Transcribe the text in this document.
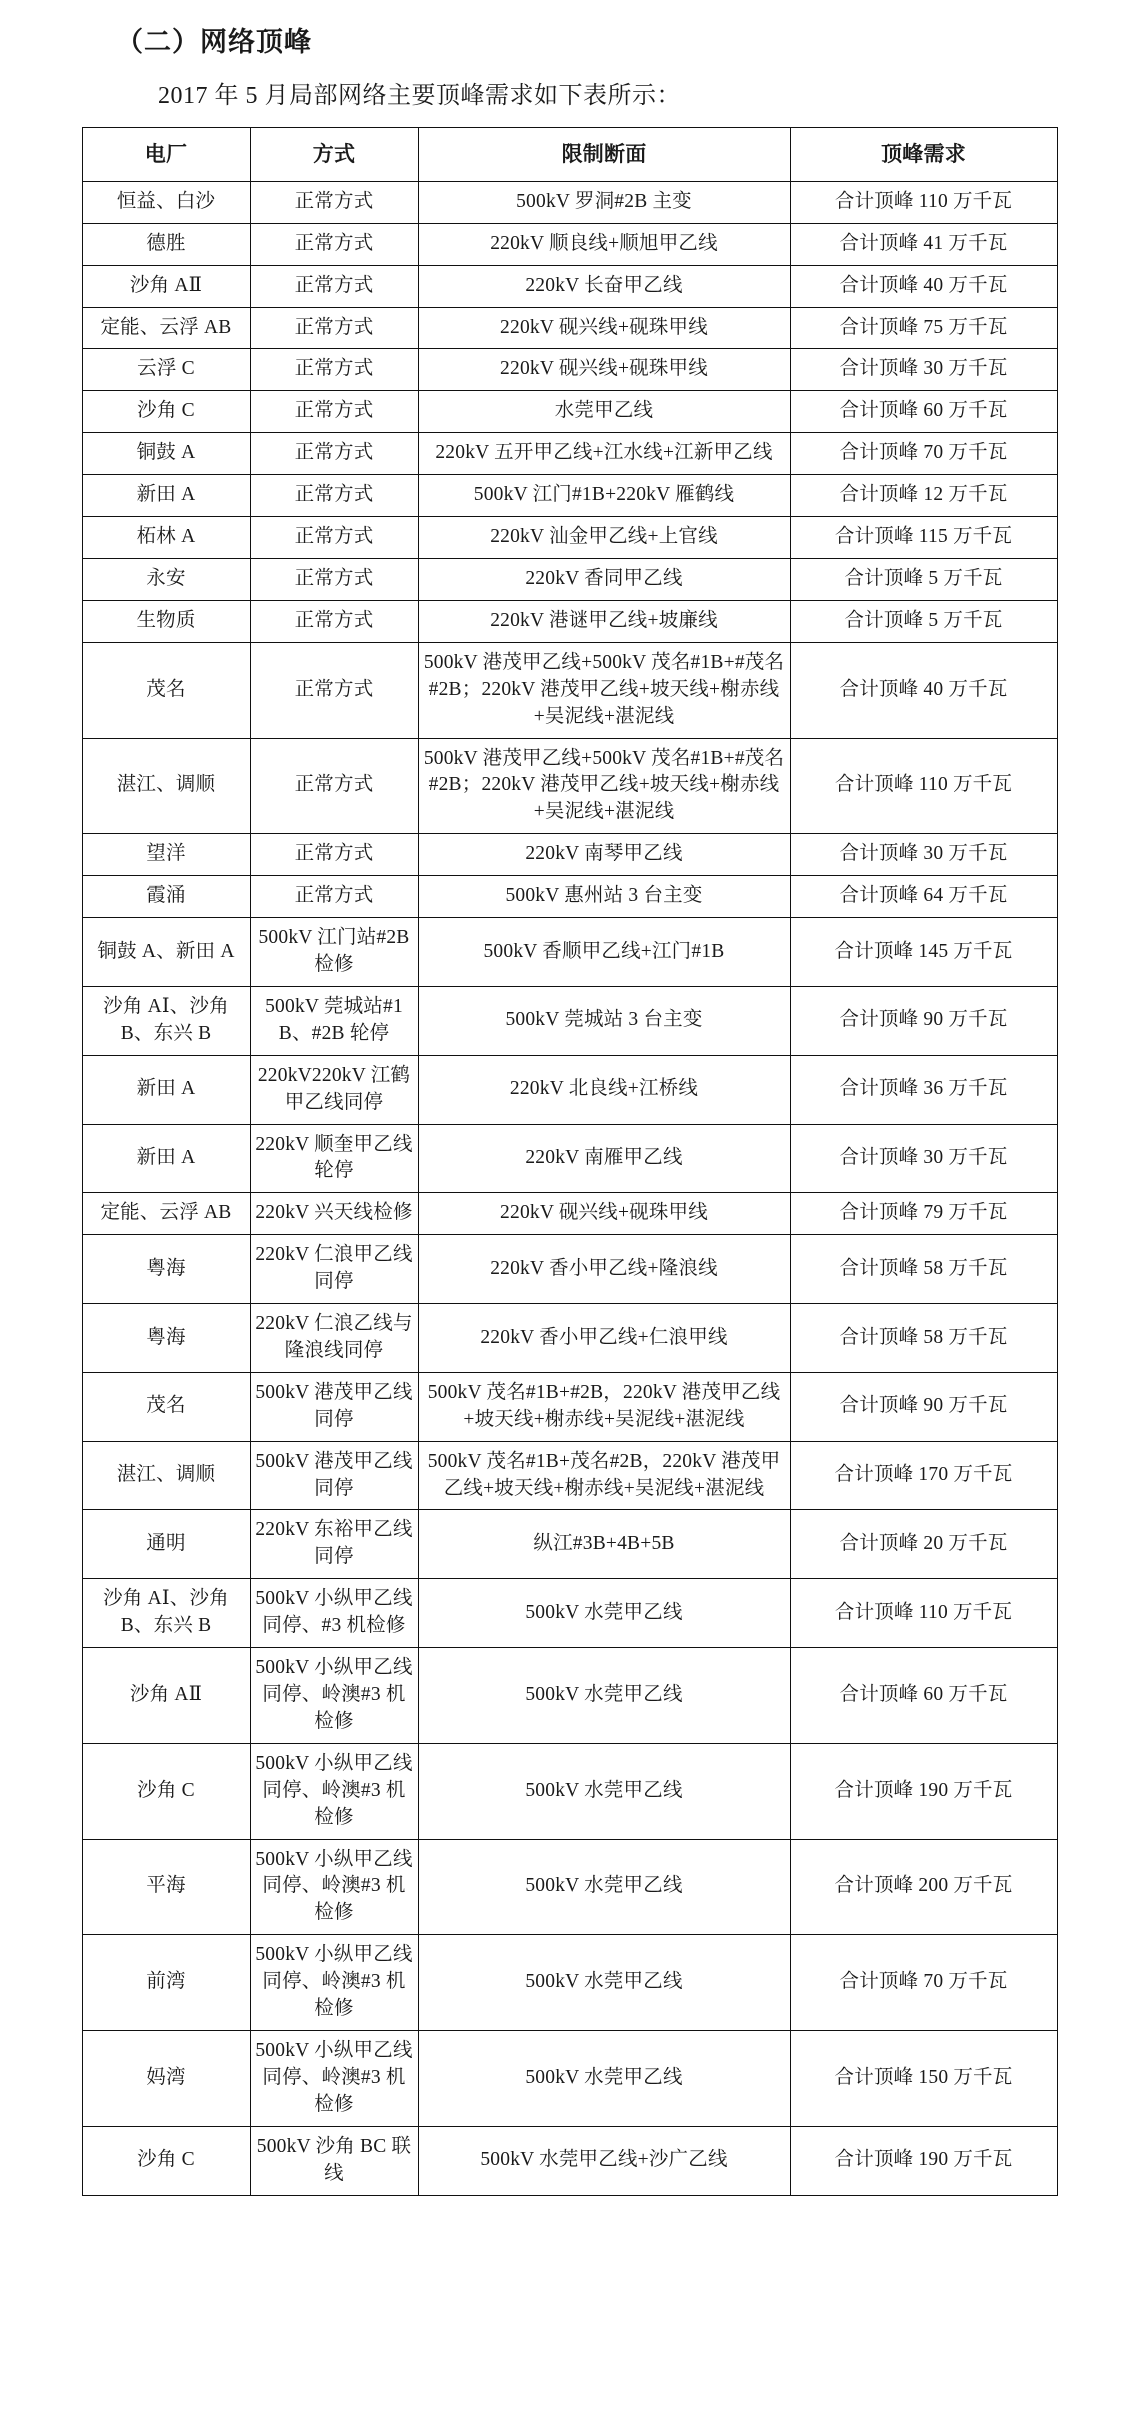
（二）网络顶峰

2017 年 5 月局部网络主要顶峰需求如下表所示：

电厂	方式	限制断面	顶峰需求
恒益、白沙	正常方式	500kV 罗洞#2B 主变	合计顶峰 110 万千瓦
德胜	正常方式	220kV 顺良线+顺旭甲乙线	合计顶峰 41 万千瓦
沙角 AⅡ	正常方式	220kV 长奋甲乙线	合计顶峰 40 万千瓦
定能、云浮 AB	正常方式	220kV 砚兴线+砚珠甲线	合计顶峰 75 万千瓦
云浮 C	正常方式	220kV 砚兴线+砚珠甲线	合计顶峰 30 万千瓦
沙角 C	正常方式	水莞甲乙线	合计顶峰 60 万千瓦
铜鼓 A	正常方式	220kV 五开甲乙线+江水线+江新甲乙线	合计顶峰 70 万千瓦
新田 A	正常方式	500kV 江门#1B+220kV 雁鹤线	合计顶峰 12 万千瓦
柘林 A	正常方式	220kV 汕金甲乙线+上官线	合计顶峰 115 万千瓦
永安	正常方式	220kV 香同甲乙线	合计顶峰 5 万千瓦
生物质	正常方式	220kV 港谜甲乙线+坡廉线	合计顶峰 5 万千瓦
茂名	正常方式	500kV 港茂甲乙线+500kV 茂名#1B+#茂名#2B；220kV 港茂甲乙线+坡天线+榭赤线+吴泥线+湛泥线	合计顶峰 40 万千瓦
湛江、调顺	正常方式	500kV 港茂甲乙线+500kV 茂名#1B+#茂名#2B；220kV 港茂甲乙线+坡天线+榭赤线+吴泥线+湛泥线	合计顶峰 110 万千瓦
望洋	正常方式	220kV 南琴甲乙线	合计顶峰 30 万千瓦
霞涌	正常方式	500kV 惠州站 3 台主变	合计顶峰 64 万千瓦
铜鼓 A、新田 A	500kV 江门站#2B 检修	500kV 香顺甲乙线+江门#1B	合计顶峰 145 万千瓦
沙角 AⅠ、沙角 B、东兴 B	500kV 莞城站#1B、#2B 轮停	500kV 莞城站 3 台主变	合计顶峰 90 万千瓦
新田 A	220kV220kV 江鹤甲乙线同停	220kV 北良线+江桥线	合计顶峰 36 万千瓦
新田 A	220kV 顺奎甲乙线轮停	220kV 南雁甲乙线	合计顶峰 30 万千瓦
定能、云浮 AB	220kV 兴天线检修	220kV 砚兴线+砚珠甲线	合计顶峰 79 万千瓦
粤海	220kV 仁浪甲乙线同停	220kV 香小甲乙线+隆浪线	合计顶峰 58 万千瓦
粤海	220kV 仁浪乙线与隆浪线同停	220kV 香小甲乙线+仁浪甲线	合计顶峰 58 万千瓦
茂名	500kV 港茂甲乙线同停	500kV 茂名#1B+#2B，220kV 港茂甲乙线+坡天线+榭赤线+吴泥线+湛泥线	合计顶峰 90 万千瓦
湛江、调顺	500kV 港茂甲乙线同停	500kV 茂名#1B+茂名#2B，220kV 港茂甲乙线+坡天线+榭赤线+吴泥线+湛泥线	合计顶峰 170 万千瓦
通明	220kV 东裕甲乙线同停	纵江#3B+4B+5B	合计顶峰 20 万千瓦
沙角 AⅠ、沙角 B、东兴 B	500kV 小纵甲乙线同停、#3 机检修	500kV 水莞甲乙线	合计顶峰 110 万千瓦
沙角 AⅡ	500kV 小纵甲乙线同停、岭澳#3 机检修	500kV 水莞甲乙线	合计顶峰 60 万千瓦
沙角 C	500kV 小纵甲乙线同停、岭澳#3 机检修	500kV 水莞甲乙线	合计顶峰 190 万千瓦
平海	500kV 小纵甲乙线同停、岭澳#3 机检修	500kV 水莞甲乙线	合计顶峰 200 万千瓦
前湾	500kV 小纵甲乙线同停、岭澳#3 机检修	500kV 水莞甲乙线	合计顶峰 70 万千瓦
妈湾	500kV 小纵甲乙线同停、岭澳#3 机检修	500kV 水莞甲乙线	合计顶峰 150 万千瓦
沙角 C	500kV 沙角 BC 联线	500kV 水莞甲乙线+沙广乙线	合计顶峰 190 万千瓦
